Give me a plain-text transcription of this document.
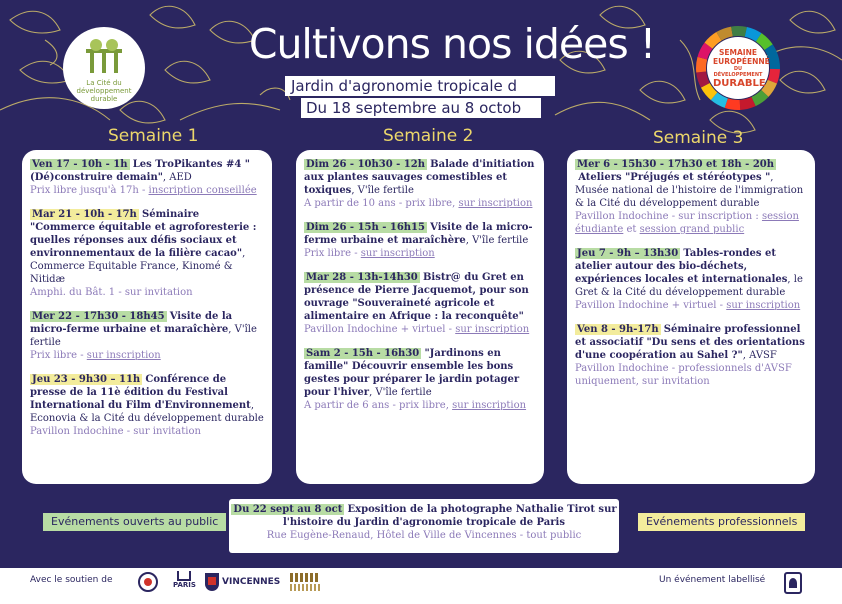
La Cité du développement durable
Cultivons nos idées !
Jardin d'agronomie tropicale d
Du 18 septembre au 8 octob
SEMAINE
EUROPÉENNE
DU DÉVELOPPEMENT
DURABLE
Semaine 1	Semaine 2	Semaine 3
Ven 17 - 10h - 1h Les TroPikantes #4 "(Dé)construire demain", AED
Prix libre jusqu'à 17h - inscription conseillée
Mar 21 - 10h - 17h Séminaire "Commerce équitable et agroforesterie : quelles réponses aux défis sociaux et environnementaux de la filière cacao", Commerce Equitable France, Kinomé & Nitidæ
Amphi. du Bât. 1 - sur invitation
Mer 22 - 17h30 - 18h45 Visite de la micro-ferme urbaine et maraîchère, V'île fertile
Prix libre - sur inscription
Jeu 23 - 9h30 – 11h Conférence de presse de la 11è édition du Festival International du Film d'Environnement, Econovia & la Cité du développement durable
Pavillon Indochine - sur invitation
Dim 26 - 10h30 - 12h Balade d'initiation aux plantes sauvages comestibles et toxiques, V'île fertile
A partir de 10 ans - prix libre, sur inscription
Dim 26 - 15h - 16h15 Visite de la micro-ferme urbaine et maraîchère, V'île fertile
Prix libre - sur inscription
Mar 28 - 13h-14h30 Bistr@ du Gret en présence de Pierre Jacquemot, pour son ouvrage "Souveraineté agricole et alimentaire en Afrique : la reconquête"
Pavillon Indochine + virtuel - sur inscription
Sam 2 - 15h - 16h30 "Jardinons en famille" Découvrir ensemble les bons gestes pour préparer le jardin potager pour l'hiver, V'île fertile
A partir de 6 ans - prix libre, sur inscription
Mer 6 - 15h30 - 17h30 et 18h - 20h Ateliers "Préjugés et stéréotypes ", Musée national de l'histoire de l'immigration & la Cité du développement durable
Pavillon Indochine - sur inscription : session étudiante et session grand public
Jeu 7 - 9h – 13h30 Tables-rondes et atelier autour des bio-déchets, expériences locales et internationales, le Gret & la Cité du développement durable
Pavillon Indochine + virtuel - sur inscription
Ven 8 - 9h-17h Séminaire professionnel et associatif "Du sens et des orientations d'une coopération au Sahel ?", AVSF
Pavillon Indochine - professionnels d'AVSF uniquement, sur invitation
Evénements ouverts au public	Evénements professionnels
Du 22 sept au 8 oct Exposition de la photographe Nathalie Tirot sur l'histoire du Jardin d'agronomie tropicale de Paris
Rue Eugène-Renaud, Hôtel de Ville de Vincennes - tout public
Avec le soutien de	PARIS	VINCENNES	Un événement labellisé
